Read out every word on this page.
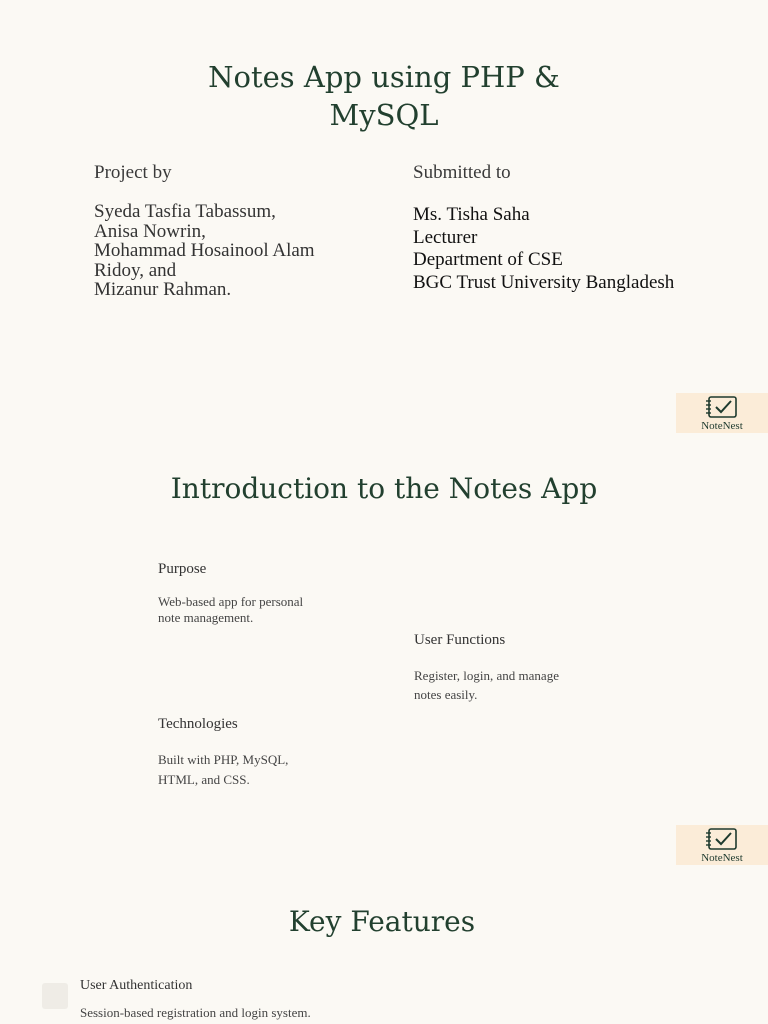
Notes App using PHP &
MySQL
Project by
Syeda Tasfia Tabassum,
Anisa Nowrin,
Mohammad Hosainool Alam
Ridoy, and
Mizanur Rahman.
Submitted to
Ms. Tisha Saha
Lecturer
Department of CSE
BGC Trust University Bangladesh
NoteNest
Introduction to the Notes App
Purpose
Web-based app for personal
note management.
User Functions
Register, login, and manage
notes easily.
Technologies
Built with PHP, MySQL,
HTML, and CSS.
NoteNest
Key Features
User Authentication
Session-based registration and login system.
